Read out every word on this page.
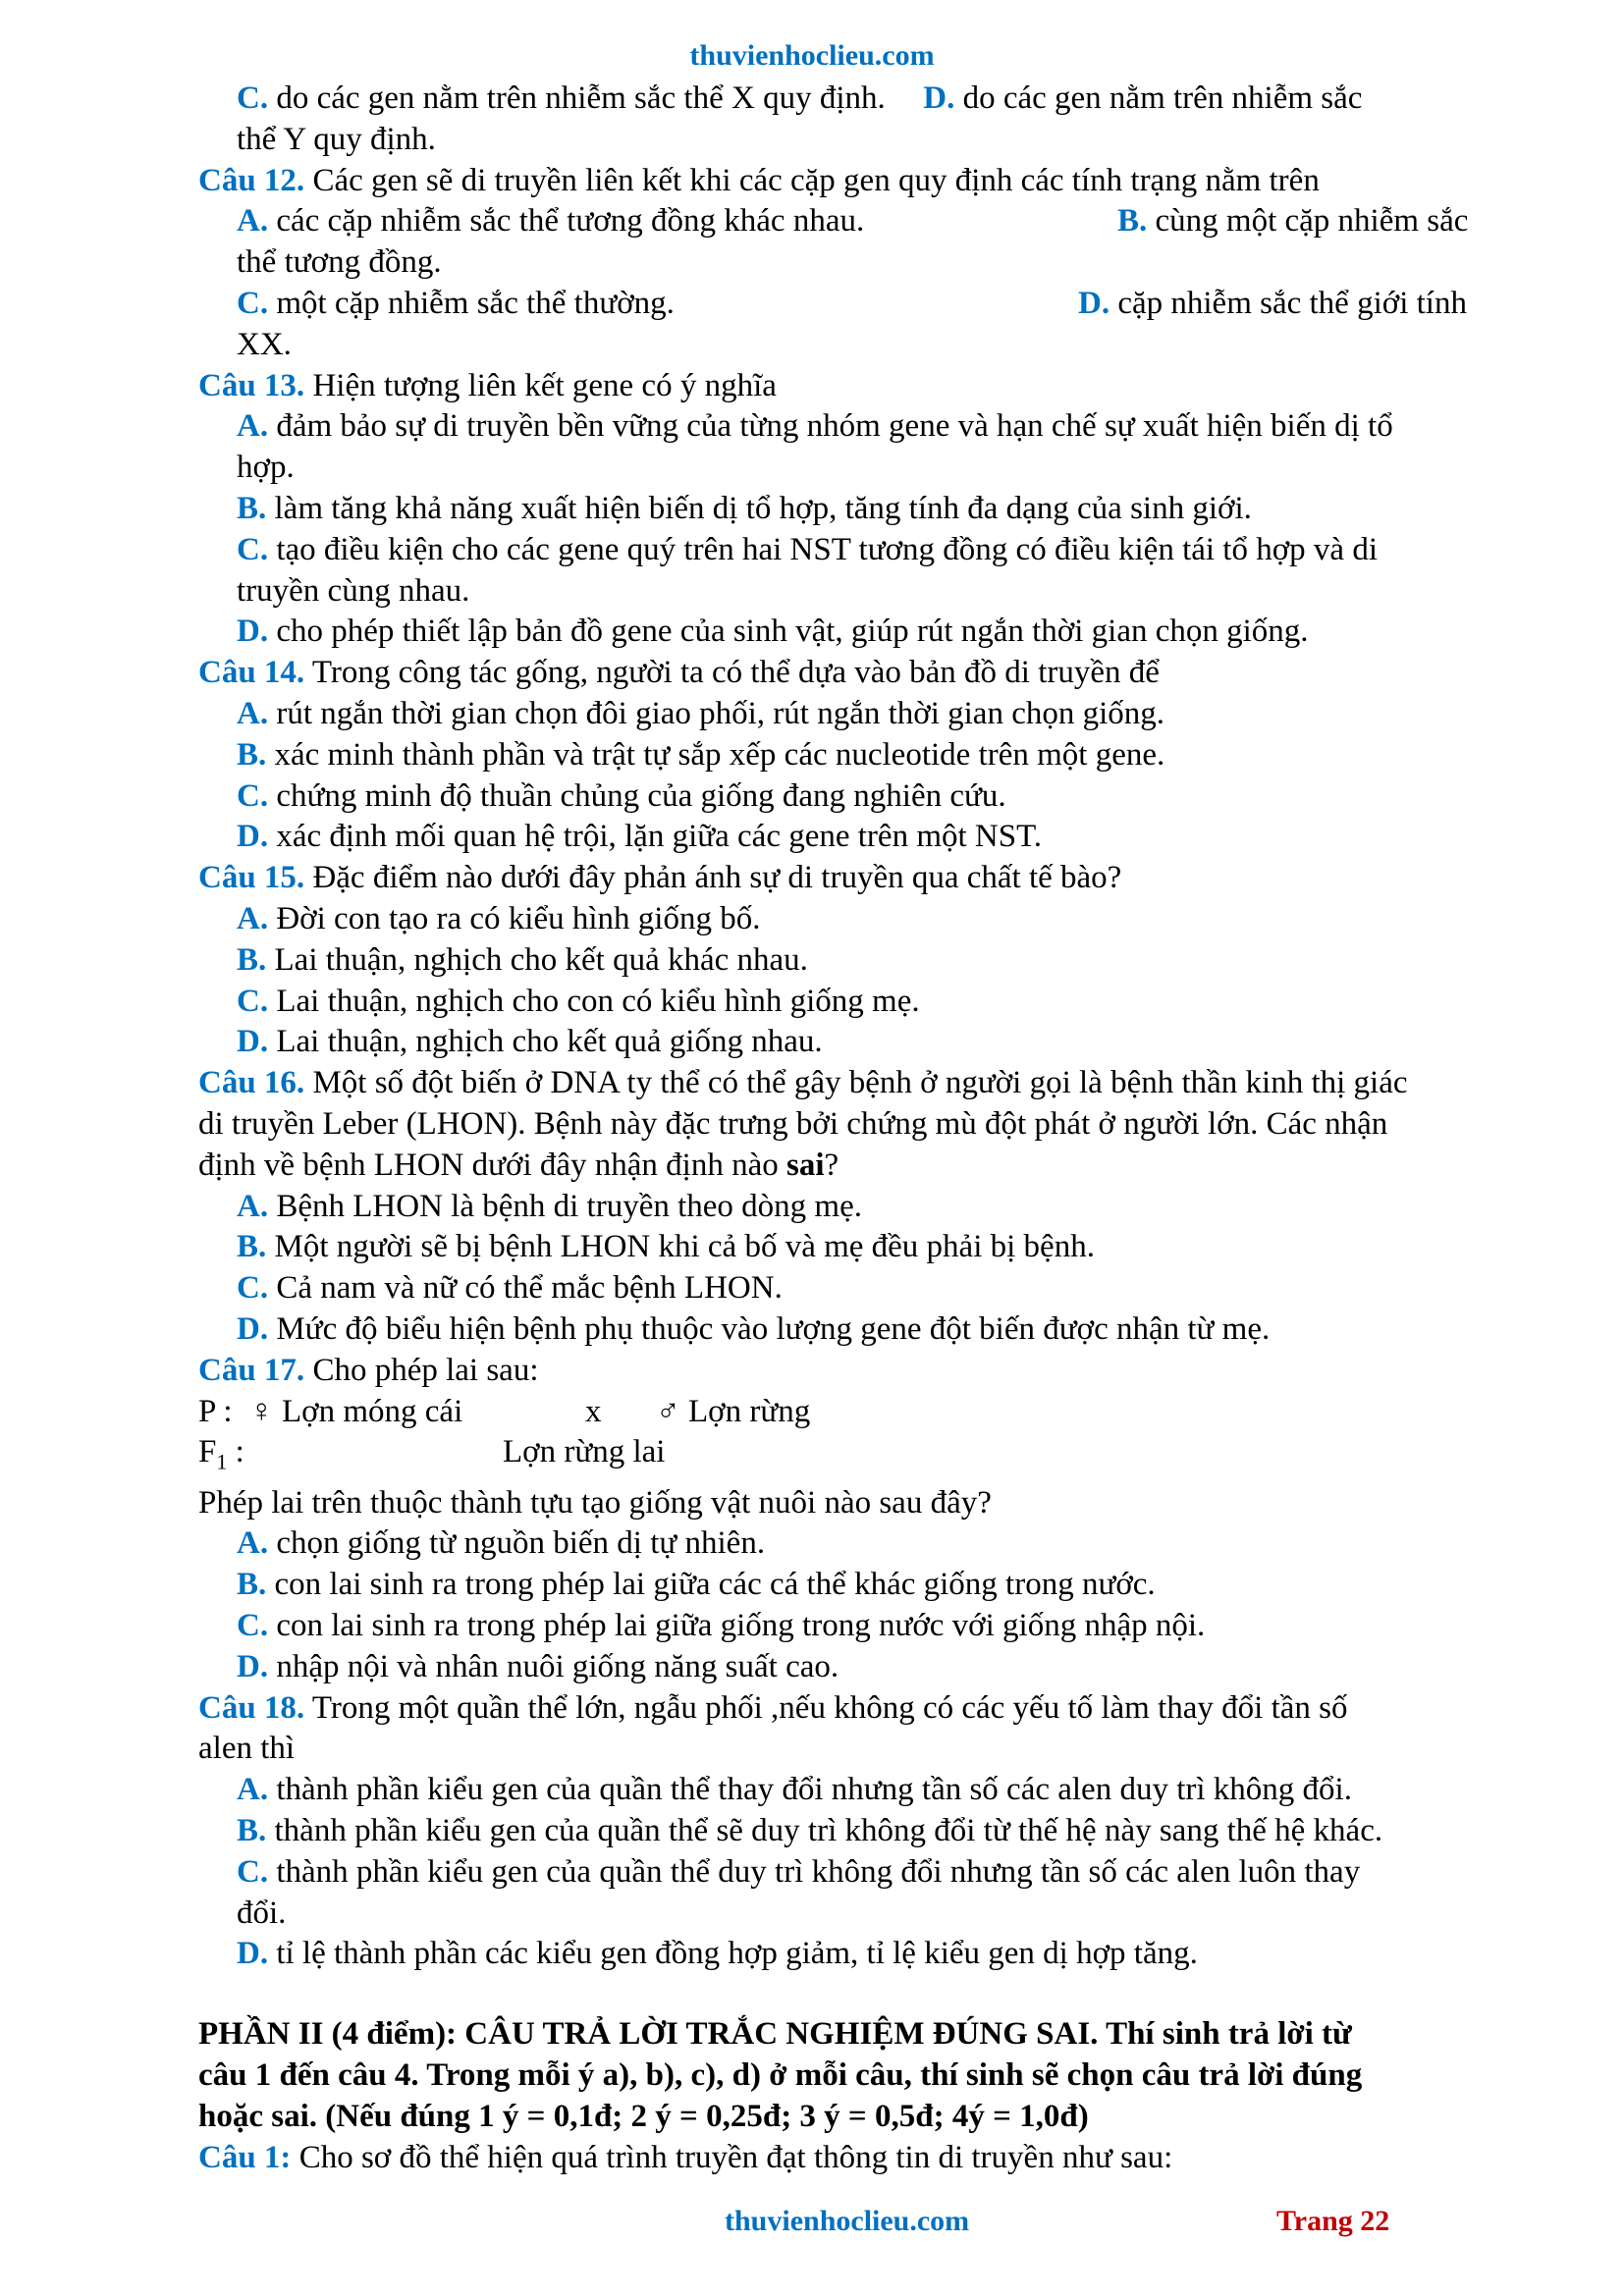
thuvienhoclieu.com
C. do các gen nằm trên nhiễm sắc thể X quy định. D. do các gen nằm trên nhiễm sắc
thể Y quy định.
Câu 12. Các gen sẽ di truyền liên kết khi các cặp gen quy định các tính trạng nằm trên
A. các cặp nhiễm sắc thể tương đồng khác nhau.	B. cùng một cặp nhiễm sắc
thể tương đồng.
C. một cặp nhiễm sắc thể thường.	D. cặp nhiễm sắc thể giới tính
XX.
Câu 13. Hiện tượng liên kết gene có ý nghĩa
A. đảm bảo sự di truyền bền vững của từng nhóm gene và hạn chế sự xuất hiện biến dị tổ
hợp.
B. làm tăng khả năng xuất hiện biến dị tổ hợp, tăng tính đa dạng của sinh giới.
C. tạo điều kiện cho các gene quý trên hai NST tương đồng có điều kiện tái tổ hợp và di
truyền cùng nhau.
D. cho phép thiết lập bản đồ gene của sinh vật, giúp rút ngắn thời gian chọn giống.
Câu 14. Trong công tác gống, người ta có thể dựa vào bản đồ di truyền để
A. rút ngắn thời gian chọn đôi giao phối, rút ngắn thời gian chọn giống.
B. xác minh thành phần và trật tự sắp xếp các nucleotide trên một gene.
C. chứng minh độ thuần chủng của giống đang nghiên cứu.
D. xác định mối quan hệ trội, lặn giữa các gene trên một NST.
Câu 15. Đặc điểm nào dưới đây phản ánh sự di truyền qua chất tế bào?
A. Đời con tạo ra có kiểu hình giống bố.
B. Lai thuận, nghịch cho kết quả khác nhau.
C. Lai thuận, nghịch cho con có kiểu hình giống mẹ.
D. Lai thuận, nghịch cho kết quả giống nhau.
Câu 16. Một số đột biến ở DNA ty thể có thể gây bệnh ở người gọi là bệnh thần kinh thị giác
di truyền Leber (LHON). Bệnh này đặc trưng bởi chứng mù đột phát ở người lớn. Các nhận
định về bệnh LHON dưới đây nhận định nào sai?
A. Bệnh LHON là bệnh di truyền theo dòng mẹ.
B. Một người sẽ bị bệnh LHON khi cả bố và mẹ đều phải bị bệnh.
C. Cả nam và nữ có thể mắc bệnh LHON.
D. Mức độ biểu hiện bệnh phụ thuộc vào lượng gene đột biến được nhận từ mẹ.
Câu 17. Cho phép lai sau:
P : ♀ Lợn móng cái	x ♂ Lợn rừng
$F_1$ :	Lợn rừng lai
Phép lai trên thuộc thành tựu tạo giống vật nuôi nào sau đây?
A. chọn giống từ nguồn biến dị tự nhiên.
B. con lai sinh ra trong phép lai giữa các cá thể khác giống trong nước.
C. con lai sinh ra trong phép lai giữa giống trong nước với giống nhập nội.
D. nhập nội và nhân nuôi giống năng suất cao.
Câu 18. Trong một quần thể lớn, ngẫu phối ,nếu không có các yếu tố làm thay đổi tần số
alen thì
A. thành phần kiểu gen của quần thể thay đổi nhưng tần số các alen duy trì không đổi.
B. thành phần kiểu gen của quần thể sẽ duy trì không đổi từ thế hệ này sang thế hệ khác.
C. thành phần kiểu gen của quần thể duy trì không đổi nhưng tần số các alen luôn thay
đổi.
D. tỉ lệ thành phần các kiểu gen đồng hợp giảm, tỉ lệ kiểu gen dị hợp tăng.
PHẦN II (4 điểm): CÂU TRẢ LỜI TRẮC NGHIỆM ĐÚNG SAI. Thí sinh trả lời từ
câu 1 đến câu 4. Trong mỗi ý a), b), c), d) ở mỗi câu, thí sinh sẽ chọn câu trả lời đúng
hoặc sai. (Nếu đúng 1 ý = 0,1đ; 2 ý = 0,25đ; 3 ý = 0,5đ; 4ý = 1,0đ)
Câu 1: Cho sơ đồ thể hiện quá trình truyền đạt thông tin di truyền như sau:
thuvienhoclieu.com	Trang 22
